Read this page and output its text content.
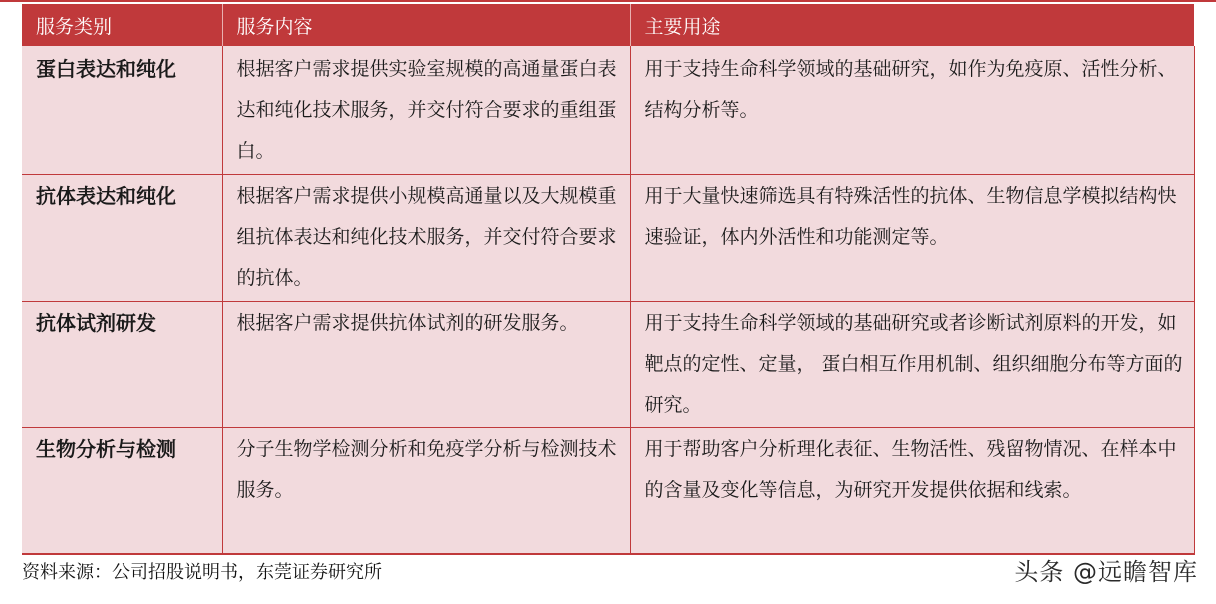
服务类别	服务内容	主要用途
蛋白表达和纯化	根据客户需求提供实验室规模的高通量蛋白表达和纯化技术服务，并交付符合要求的重组蛋白。	用于支持生命科学领域的基础研究，如作为免疫原、活性分析、结构分析等。
抗体表达和纯化	根据客户需求提供小规模高通量以及大规模重组抗体表达和纯化技术服务，并交付符合要求的抗体。	用于大量快速筛选具有特殊活性的抗体、生物信息学模拟结构快速验证，体内外活性和功能测定等。
抗体试剂研发	根据客户需求提供抗体试剂的研发服务。	用于支持生命科学领域的基础研究或者诊断试剂原料的开发，如靶点的定性、定量， 蛋白相互作用机制、组织细胞分布等方面的研究。
生物分析与检测	分子生物学检测分析和免疫学分析与检测技术服务。	用于帮助客户分析理化表征、生物活性、残留物情况、在样本中的含量及变化等信息，为研究开发提供依据和线索。
资料来源：公司招股说明书，东莞证券研究所	头条 @远瞻智库
